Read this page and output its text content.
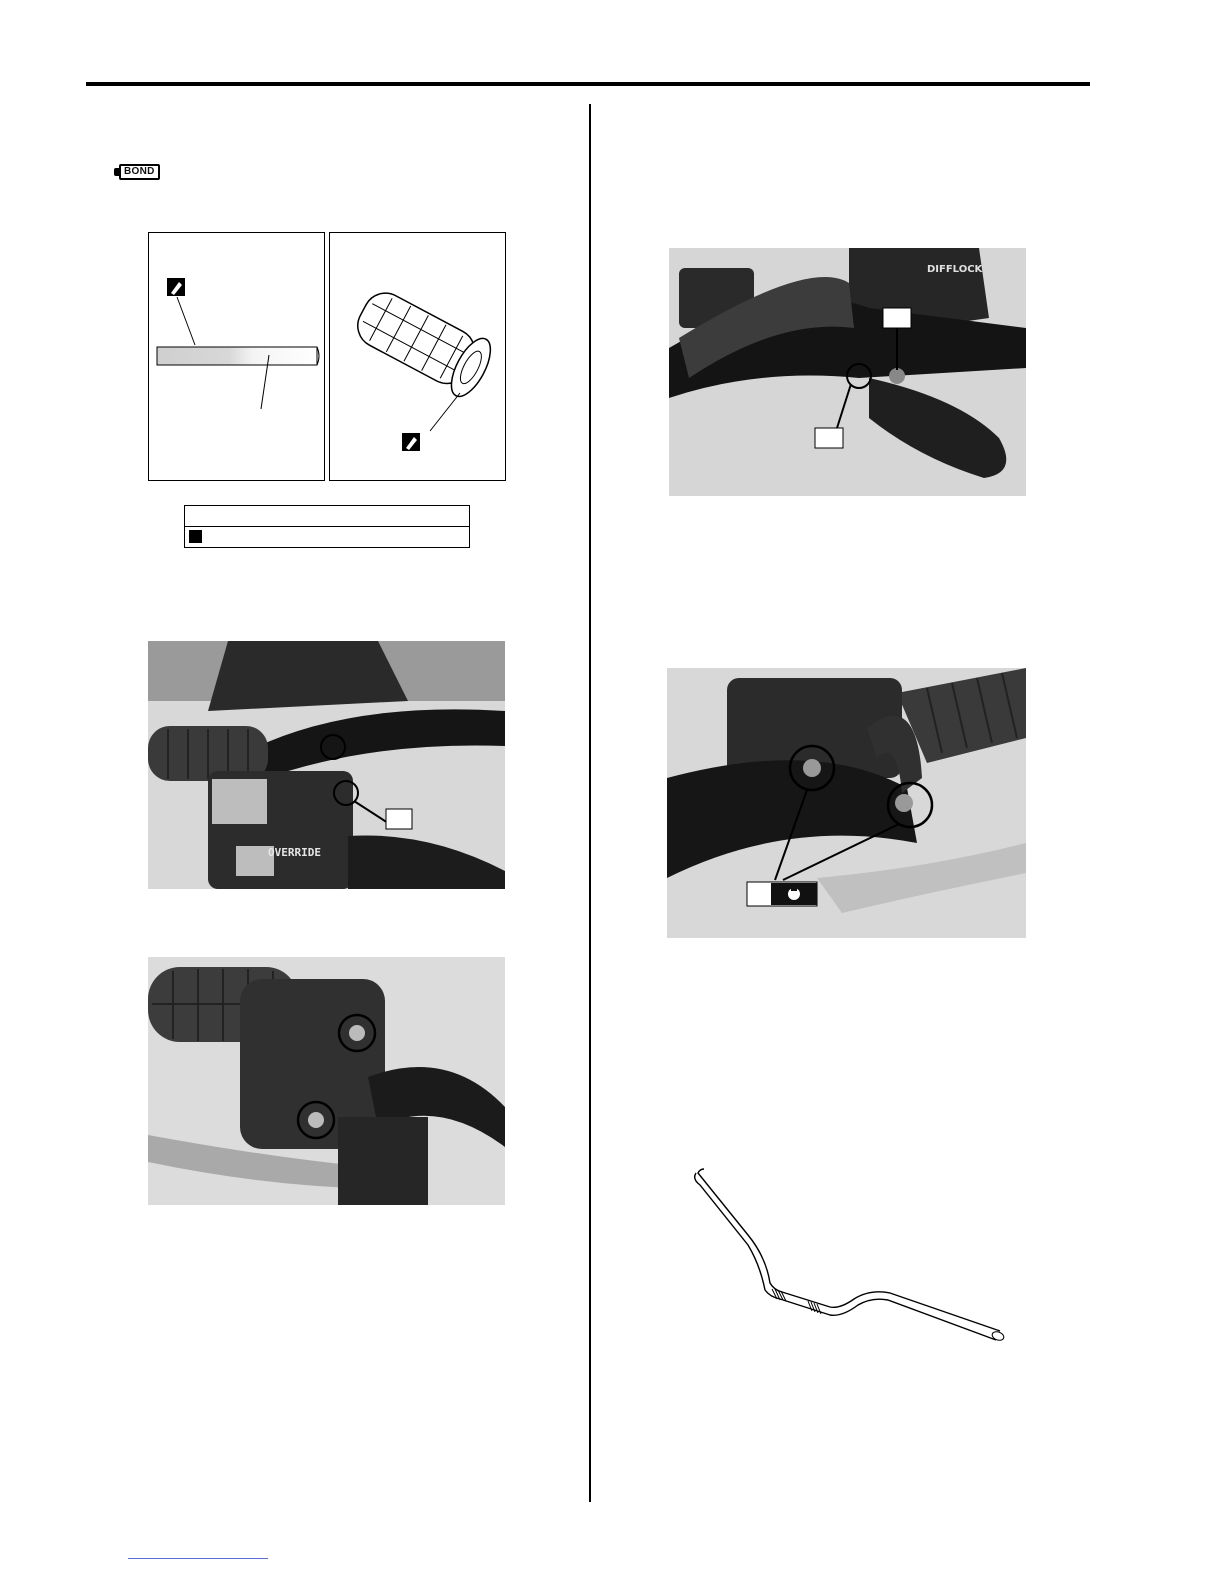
BOND
OVERRIDE
DIFFLOCK
